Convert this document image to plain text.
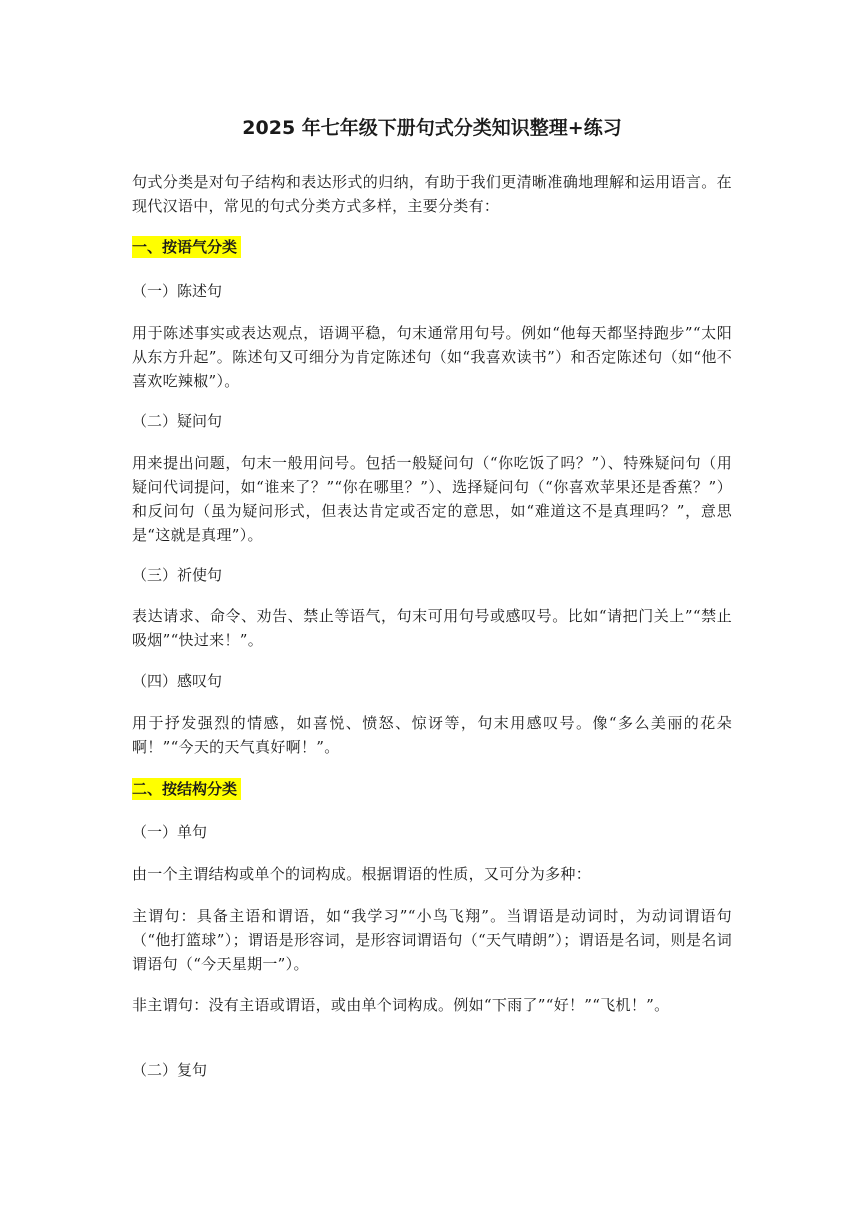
2025 年七年级下册句式分类知识整理+练习

句式分类是对句子结构和表达形式的归纳，有助于我们更清晰准确地理解和运用语言。在现代汉语中，常见的句式分类方式多样，主要分类有：

一、按语气分类

（一）陈述句

用于陈述事实或表达观点，语调平稳，句末通常用句号。例如“他每天都坚持跑步”“太阳从东方升起”。陈述句又可细分为肯定陈述句（如“我喜欢读书”）和否定陈述句（如“他不喜欢吃辣椒”）。

（二）疑问句

用来提出问题，句末一般用问号。包括一般疑问句（“你吃饭了吗？”）、特殊疑问句（用疑问代词提问，如“谁来了？”“你在哪里？”）、选择疑问句（“你喜欢苹果还是香蕉？”）和反问句（虽为疑问形式，但表达肯定或否定的意思，如“难道这不是真理吗？”，意思是“这就是真理”）。

（三）祈使句

表达请求、命令、劝告、禁止等语气，句末可用句号或感叹号。比如“请把门关上”“禁止吸烟”“快过来！”。

（四）感叹句

用于抒发强烈的情感，如喜悦、愤怒、惊讶等，句末用感叹号。像“多么美丽的花朵啊！”“今天的天气真好啊！”。

二、按结构分类

（一）单句

由一个主谓结构或单个的词构成。根据谓语的性质，又可分为多种：

主谓句：具备主语和谓语，如“我学习”“小鸟飞翔”。当谓语是动词时，为动词谓语句（“他打篮球”）；谓语是形容词，是形容词谓语句（“天气晴朗”）；谓语是名词，则是名词谓语句（“今天星期一”）。

非主谓句：没有主语或谓语，或由单个词构成。例如“下雨了”“好！”“飞机！”。

（二）复句
